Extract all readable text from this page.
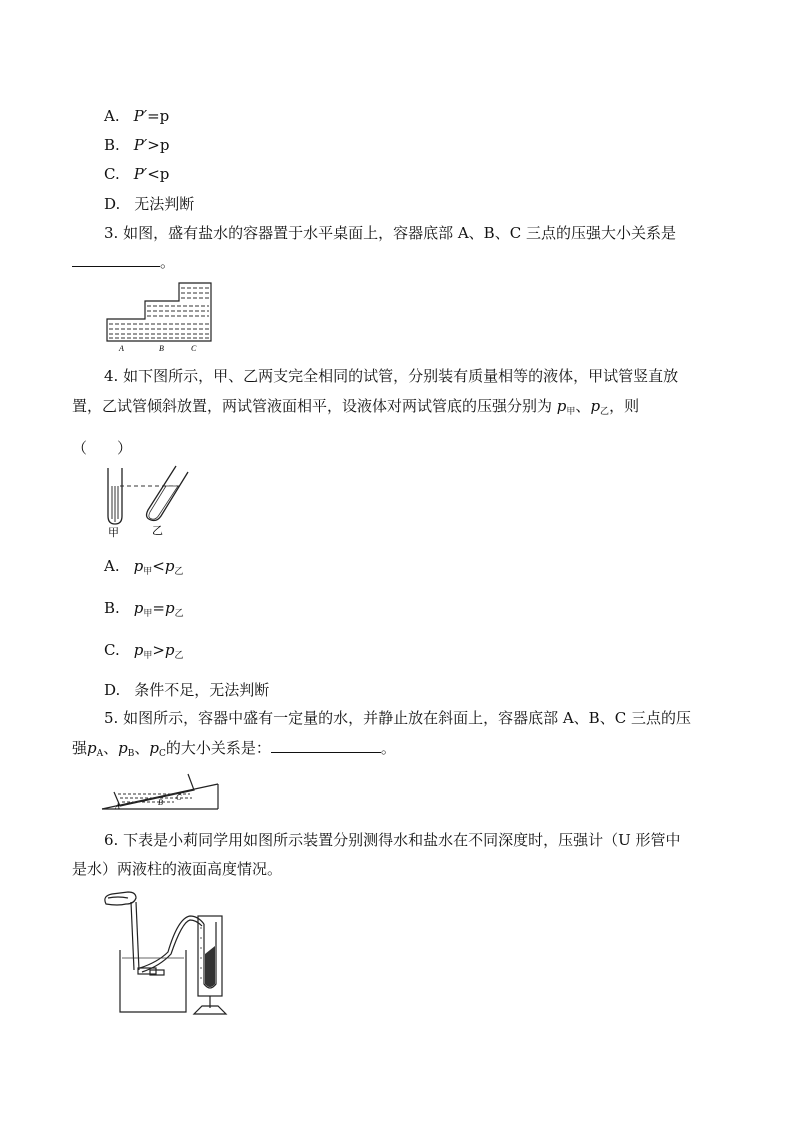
A. P′=p
B. P′>p
C. P′<p
D. 无法判断
3. 如图，盛有盐水的容器置于水平桌面上，容器底部 A、B、C 三点的压强大小关系是
。
A	B	C
4. 如下图所示，甲、乙两支完全相同的试管，分别装有质量相等的液体，甲试管竖直放
置，乙试管倾斜放置，两试管液面相平，设液体对两试管底的压强分别为 $p_甲$、$p_乙$，则
（　　）
甲	乙
A. $p_甲<p_乙$
B. $p_甲=p_乙$
C. $p_甲>p_乙$
D. 条件不足，无法判断
5. 如图所示，容器中盛有一定量的水，并静止放在斜面上，容器底部 A、B、C 三点的压
强$p_A$、$p_B$、$p_C$的大小关系是：	。
A	B
C
6. 下表是小莉同学用如图所示装置分别测得水和盐水在不同深度时，压强计（U 形管中
是水）两液柱的液面高度情况。
